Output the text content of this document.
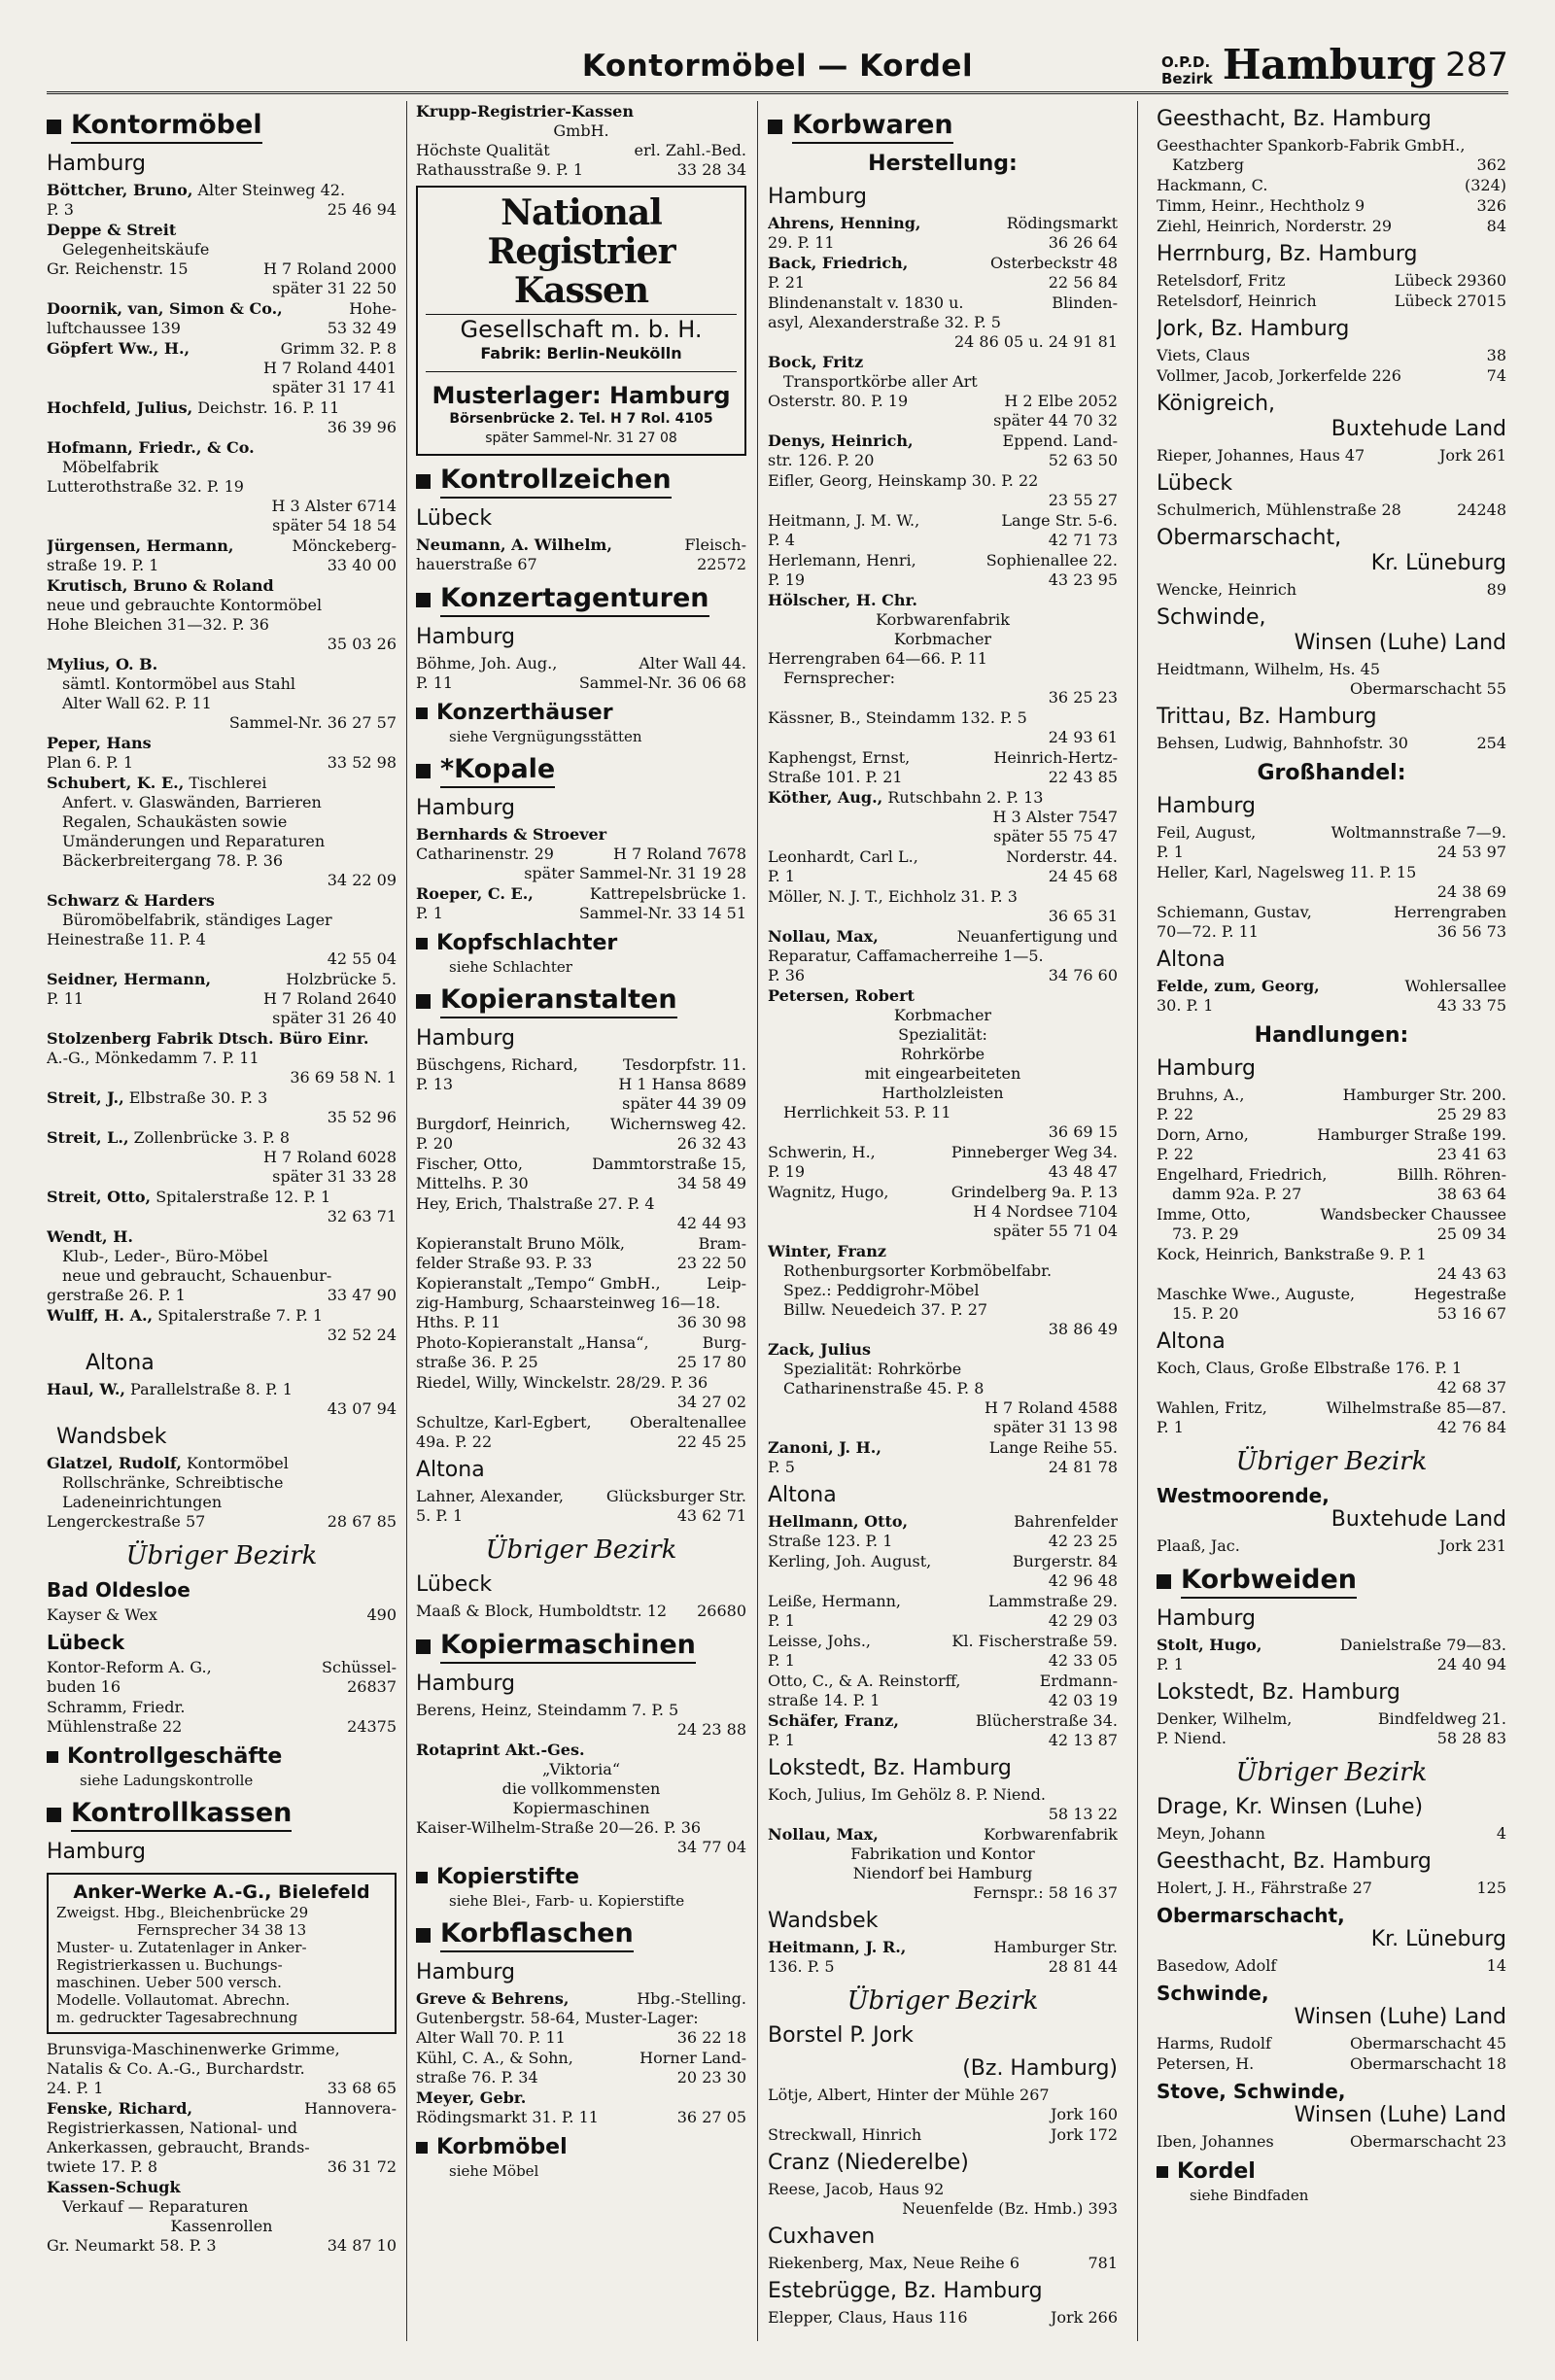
Kontormöbel — Kordel	O.P.D.
Bezirk Hamburg 287
Kontormöbel
Hamburg
Böttcher, Bruno, Alter Steinweg 42.
P. 3	25 46 94
Deppe & Streit
Gelegenheitskäufe
Gr. Reichenstr. 15	H 7 Roland 2000
später 31 22 50
Doornik, van, Simon & Co.,	Hohe-
luftchaussee 139	53 32 49
Göpfert Ww., H.,	Grimm 32. P. 8
H 7 Roland 4401
später 31 17 41
Hochfeld, Julius, Deichstr. 16. P. 11
36 39 96
Hofmann, Friedr., & Co.
Möbelfabrik
Lutterothstraße 32. P. 19
H 3 Alster 6714
später 54 18 54
Jürgensen, Hermann,	Mönckeberg-
straße 19. P. 1	33 40 00
Krutisch, Bruno & Roland
neue und gebrauchte Kontormöbel
Hohe Bleichen 31—32. P. 36
35 03 26
Mylius, O. B.
sämtl. Kontormöbel aus Stahl
Alter Wall 62. P. 11
Sammel-Nr. 36 27 57
Peper, Hans
Plan 6. P. 1	33 52 98
Schubert, K. E., Tischlerei
Anfert. v. Glaswänden, Barrieren
Regalen, Schaukästen sowie
Umänderungen und Reparaturen
Bäckerbreitergang 78. P. 36
34 22 09
Schwarz & Harders
Büromöbelfabrik, ständiges Lager
Heinestraße 11. P. 4
42 55 04
Seidner, Hermann,	Holzbrücke 5.
P. 11	H 7 Roland 2640
später 31 26 40
Stolzenberg Fabrik Dtsch. Büro Einr.
A.-G., Mönkedamm 7. P. 11
36 69 58 N. 1
Streit, J., Elbstraße 30. P. 3
35 52 96
Streit, L., Zollenbrücke 3. P. 8
H 7 Roland 6028
später 31 33 28
Streit, Otto, Spitalerstraße 12. P. 1
32 63 71
Wendt, H.
Klub-, Leder-, Büro-Möbel
neue und gebraucht, Schauenbur-
gerstraße 26. P. 1	33 47 90
Wulff, H. A., Spitalerstraße 7. P. 1
32 52 24
Altona
Haul, W., Parallelstraße 8. P. 1
43 07 94
Wandsbek
Glatzel, Rudolf, Kontormöbel
Rollschränke, Schreibtische
Ladeneinrichtungen
Lengerckestraße 57	28 67 85
Übriger Bezirk
Bad Oldesloe
Kayser & Wex	490
Lübeck
Kontor-Reform A. G.,	Schüssel-
buden 16	26837
Schramm, Friedr.
Mühlenstraße 22	24375
Kontrollgeschäfte
siehe Ladungskontrolle
Kontrollkassen
Hamburg
Anker-Werke A.-G., Bielefeld
Zweigst. Hbg., Bleichenbrücke 29
Fernsprecher 34 38 13
Muster- u. Zutatenlager in Anker-
Registrierkassen u. Buchungs-
maschinen. Ueber 500 versch.
Modelle. Vollautomat. Abrechn.
m. gedruckter Tagesabrechnung
Brunsviga-Maschinenwerke Grimme,
Natalis & Co. A.-G., Burchardstr.
24. P. 1	33 68 65
Fenske, Richard,	Hannovera-
Registrierkassen, National- und
Ankerkassen, gebraucht, Brands-
twiete 17. P. 8	36 31 72
Kassen-Schugk
Verkauf — Reparaturen
Kassenrollen
Gr. Neumarkt 58. P. 3	34 87 10
Krupp-Registrier-Kassen
GmbH.
Höchste Qualität	erl. Zahl.-Bed.
Rathausstraße 9. P. 1	33 28 34
National Registrier Kassen
Gesellschaft m. b. H.
Fabrik: Berlin-Neukölln
Musterlager: Hamburg
Börsenbrücke 2. Tel. H 7 Rol. 4105
später Sammel-Nr. 31 27 08
Kontrollzeichen
Lübeck
Neumann, A. Wilhelm,	Fleisch-
hauerstraße 67	22572
Konzertagenturen
Hamburg
Böhme, Joh. Aug.,	Alter Wall 44.
P. 11	Sammel-Nr. 36 06 68
Konzerthäuser
siehe Vergnügungsstätten
*Kopale
Hamburg
Bernhards & Stroever
Catharinenstr. 29	H 7 Roland 7678
später Sammel-Nr. 31 19 28
Roeper, C. E.,	Kattrepelsbrücke 1.
P. 1	Sammel-Nr. 33 14 51
Kopfschlachter
siehe Schlachter
Kopieranstalten
Hamburg
Büschgens, Richard,	Tesdorpfstr. 11.
P. 13	H 1 Hansa 8689
später 44 39 09
Burgdorf, Heinrich,	Wichernsweg 42.
P. 20	26 32 43
Fischer, Otto,	Dammtorstraße 15,
Mittelhs. P. 30	34 58 49
Hey, Erich, Thalstraße 27. P. 4
42 44 93
Kopieranstalt Bruno Mölk,	Bram-
felder Straße 93. P. 33	23 22 50
Kopieranstalt „Tempo“ GmbH.,	Leip-
zig-Hamburg, Schaarsteinweg 16—18.
Hths. P. 11	36 30 98
Photo-Kopieranstalt „Hansa“,	Burg-
straße 36. P. 25	25 17 80
Riedel, Willy, Winckelstr. 28/29. P. 36
34 27 02
Schultze, Karl-Egbert, Oberaltenallee
49a. P. 22	22 45 25
Altona
Lahner, Alexander,	Glücksburger Str.
5. P. 1	43 62 71
Übriger Bezirk
Lübeck
Maaß & Block, Humboldtstr. 12 26680
Kopiermaschinen
Hamburg
Berens, Heinz, Steindamm 7. P. 5
24 23 88
Rotaprint Akt.-Ges.
„Viktoria“
die vollkommensten
Kopiermaschinen
Kaiser-Wilhelm-Straße 20—26. P. 36
34 77 04
Kopierstifte
siehe Blei-, Farb- u. Kopierstifte
Korbflaschen
Hamburg
Greve & Behrens,	Hbg.-Stelling.
Gutenbergstr. 58-64, Muster-Lager:
Alter Wall 70. P. 11	36 22 18
Kühl, C. A., & Sohn,	Horner Land-
straße 76. P. 34	20 23 30
Meyer, Gebr.
Rödingsmarkt 31. P. 11	36 27 05
Korbmöbel
siehe Möbel
Korbwaren
Herstellung:
Hamburg
Ahrens, Henning,	Rödingsmarkt
29. P. 11	36 26 64
Back, Friedrich,	Osterbeckstr 48
P. 21	22 56 84
Blindenanstalt v. 1830 u.	Blinden-
asyl, Alexanderstraße 32. P. 5
24 86 05 u. 24 91 81
Bock, Fritz
Transportkörbe aller Art
Osterstr. 80. P. 19	H 2 Elbe 2052
später 44 70 32
Denys, Heinrich,	Eppend. Land-
str. 126. P. 20	52 63 50
Eifler, Georg, Heinskamp 30. P. 22
23 55 27
Heitmann, J. M. W.,	Lange Str. 5-6.
P. 4	42 71 73
Herlemann, Henri,	Sophienallee 22.
P. 19	43 23 95
Hölscher, H. Chr.
Korbwarenfabrik
Korbmacher
Herrengraben 64—66. P. 11
Fernsprecher:
36 25 23
Kässner, B., Steindamm 132. P. 5
24 93 61
Kaphengst, Ernst,	Heinrich-Hertz-
Straße 101. P. 21	22 43 85
Köther, Aug., Rutschbahn 2. P. 13
H 3 Alster 7547
später 55 75 47
Leonhardt, Carl L.,	Norderstr. 44.
P. 1	24 45 68
Möller, N. J. T., Eichholz 31. P. 3
36 65 31
Nollau, Max,	Neuanfertigung und
Reparatur, Caffamacherreihe 1—5.
P. 36	34 76 60
Petersen, Robert
Korbmacher
Spezialität:
Rohrkörbe
mit eingearbeiteten
Hartholzleisten
Herrlichkeit 53. P. 11
36 69 15
Schwerin, H.,	Pinneberger Weg 34.
P. 19	43 48 47
Wagnitz, Hugo,	Grindelberg 9a. P. 13
H 4 Nordsee 7104
später 55 71 04
Winter, Franz
Rothenburgsorter Korbmöbelfabr.
Spez.: Peddigrohr-Möbel
Billw. Neuedeich 37. P. 27
38 86 49
Zack, Julius
Spezialität: Rohrkörbe
Catharinenstraße 45. P. 8
H 7 Roland 4588
später 31 13 98
Zanoni, J. H.,	Lange Reihe 55.
P. 5	24 81 78
Altona
Hellmann, Otto,	Bahrenfelder
Straße 123. P. 1	42 23 25
Kerling, Joh. August,	Burgerstr. 84
42 96 48
Leiße, Hermann,	Lammstraße 29.
P. 1	42 29 03
Leisse, Johs.,	Kl. Fischerstraße 59.
P. 1	42 33 05
Otto, C., & A. Reinstorff,	Erdmann-
straße 14. P. 1	42 03 19
Schäfer, Franz,	Blücherstraße 34.
P. 1	42 13 87
Lokstedt, Bz. Hamburg
Koch, Julius, Im Gehölz 8. P. Niend.
58 13 22
Nollau, Max,	Korbwarenfabrik
Fabrikation und Kontor
Niendorf bei Hamburg
Fernspr.: 58 16 37
Wandsbek
Heitmann, J. R.,	Hamburger Str.
136. P. 5	28 81 44
Übriger Bezirk
Borstel P. Jork
(Bz. Hamburg)
Lötje, Albert, Hinter der Mühle 267
Jork 160
Streckwall, Hinrich	Jork 172
Cranz (Niederelbe)
Reese, Jacob, Haus 92
Neuenfelde (Bz. Hmb.) 393
Cuxhaven
Riekenberg, Max, Neue Reihe 6	781
Estebrügge, Bz. Hamburg
Elepper, Claus, Haus 116	Jork 266
Geesthacht, Bz. Hamburg
Geesthachter Spankorb-Fabrik GmbH.,
Katzberg	362
Hackmann, C.	(324)
Timm, Heinr., Hechtholz 9	326
Ziehl, Heinrich, Norderstr. 29	84
Herrnburg, Bz. Hamburg
Retelsdorf, Fritz	Lübeck 29360
Retelsdorf, Heinrich	Lübeck 27015
Jork, Bz. Hamburg
Viets, Claus	38
Vollmer, Jacob, Jorkerfelde 226	74
Königreich,
Buxtehude Land
Rieper, Johannes, Haus 47	Jork 261
Lübeck
Schulmerich, Mühlenstraße 28	24248
Obermarschacht,
Kr. Lüneburg
Wencke, Heinrich	89
Schwinde,
Winsen (Luhe) Land
Heidtmann, Wilhelm, Hs. 45
Obermarschacht 55
Trittau, Bz. Hamburg
Behsen, Ludwig, Bahnhofstr. 30	254
Großhandel:
Hamburg
Feil, August,	Woltmannstraße 7—9.
P. 1	24 53 97
Heller, Karl, Nagelsweg 11. P. 15
24 38 69
Schiemann, Gustav,	Herrengraben
70—72. P. 11	36 56 73
Altona
Felde, zum, Georg,	Wohlersallee
30. P. 1	43 33 75
Handlungen:
Hamburg
Bruhns, A.,	Hamburger Str. 200.
P. 22	25 29 83
Dorn, Arno,	Hamburger Straße 199.
P. 22	23 41 63
Engelhard, Friedrich,	Billh. Röhren-
damm 92a. P. 27	38 63 64
Imme, Otto,	Wandsbecker Chaussee
73. P. 29	25 09 34
Kock, Heinrich, Bankstraße 9. P. 1
24 43 63
Maschke Wwe., Auguste,	Hegestraße
15. P. 20	53 16 67
Altona
Koch, Claus, Große Elbstraße 176. P. 1
42 68 37
Wahlen, Fritz,	Wilhelmstraße 85—87.
P. 1	42 76 84
Übriger Bezirk
Westmoorende,
Buxtehude Land
Plaaß, Jac.	Jork 231
Korbweiden
Hamburg
Stolt, Hugo,	Danielstraße 79—83.
P. 1	24 40 94
Lokstedt, Bz. Hamburg
Denker, Wilhelm,	Bindfeldweg 21.
P. Niend.	58 28 83
Übriger Bezirk
Drage, Kr. Winsen (Luhe)
Meyn, Johann	4
Geesthacht, Bz. Hamburg
Holert, J. H., Fährstraße 27	125
Obermarschacht,
Kr. Lüneburg
Basedow, Adolf	14
Schwinde,
Winsen (Luhe) Land
Harms, Rudolf	Obermarschacht 45
Petersen, H.	Obermarschacht 18
Stove, Schwinde,
Winsen (Luhe) Land
Iben, Johannes	Obermarschacht 23
Kordel
siehe Bindfaden
